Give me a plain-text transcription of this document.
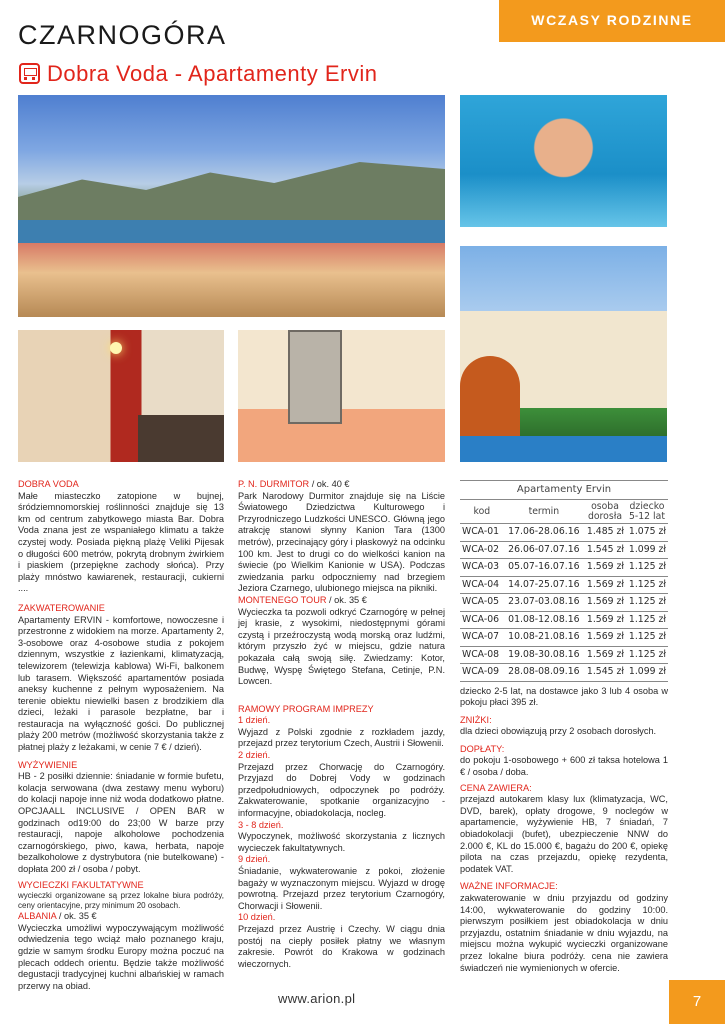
CZARNOGÓRA	WCZASY RODZINNE
Dobra Voda - Apartamenty Ervin

DOBRA VODA

Małe miasteczko zatopione w bujnej, śródziemnomorskiej roślinności znajduje się 13 km od centrum zabytkowego miasta Bar. Dobra Voda znana jest ze wspaniałego klimatu a także czystej wody. Posiada piękną plażę Veliki Pijesak o długości 600 metrów, pokrytą drobnym żwirkiem i piaskiem (przepiękne zachody słońca). Przy plaży mnóstwo kawiarenek, restauracji, cukierni ....

ZAKWATEROWANIE

Apartamenty ERVIN - komfortowe, nowoczesne i przestronne z widokiem na morze. Apartamenty 2, 3-osobowe oraz 4-osobowe studia z pokojem dziennym, wszystkie z łazienkami, klimatyzacją, telewizorem (telewizja kablowa) Wi-Fi, balkonem lub tarasem. Większość apartamentów posiada aneksy kuchenne z pełnym wyposażeniem. Na terenie obiektu niewielki basen z brodzikiem dla dzieci, leżaki i parasole bezpłatne, bar i restauracja na wyłączność gości. Do publicznej plaży 200 metrów (możliwość skorzystania także z płatnej plaży z leżakami, w cenie 7 € / dzień).

WYŻYWIENIE

HB - 2 posiłki dziennie: śniadanie w formie bufetu, kolacja serwowana (dwa zestawy menu wyboru) do kolacji napoje inne niż woda dodatkowo płatne. OPCJAALL INCLUSIVE / OPEN BAR w godzinach od19:00 do 23;00 W barze przy restauracji, napoje alkoholowe pochodzenia czarnogórskiego, piwo, kawa, herbata, napoje bezalkoholowe z dystrybutora (nie butelkowane) - dopłata 200 zł / osoba / pobyt.

WYCIECZKI FAKULTATYWNE

wycieczki organizowane są przez lokalne biura podróży, ceny orientacyjne, przy minimum 20 osobach.

ALBANIA / ok. 35 €

Wycieczka umożliwi wypoczywającym możliwość odwiedzenia tego wciąż mało poznanego kraju, gdzie w samym środku Europy można poczuć na plecach oddech orientu. Będzie także możliwość degustacji tradycyjnej kuchni albańskiej w ramach przerwy na obiad.

P. N. DURMITOR / ok. 40 €

Park Narodowy Durmitor znajduje się na Liście Światowego Dziedzictwa Kulturowego i Przyrodniczego Ludzkości UNESCO. Główną jego atrakcję stanowi słynny Kanion Tara (1300 metrów), przecinający góry i płaskowyż na odcinku 100 km. Jest to drugi co do wielkości kanion na świecie (po Wielkim Kanionie w USA). Podczas zwiedzania parku odpoczniemy nad brzegiem Jeziora Czarnego, ulubionego miejsca na pikniki.

MONTENEGO TOUR / ok. 35 €

Wycieczka ta pozwoli odkryć Czarnogórę w pełnej jej krasie, z wysokimi, niedostępnymi górami czystą i przeźroczystą wodą morską oraz ludźmi, którym przyszło żyć w miejscu, gdzie natura pokazała całą swoją siłę. Zwiedzamy: Kotor, Budwę, Wyspę Świętego Stefana, Cetinje, P.N. Lowcen.

RAMOWY PROGRAM IMPREZY

1 dzień.

Wyjazd z Polski zgodnie z rozkładem jazdy, przejazd przez terytorium Czech, Austrii i Słowenii.

2 dzień.

Przejazd przez Chorwację do Czarnogóry. Przyjazd do Dobrej Vody w godzinach przedpołudniowych, odpoczynek po podróży. Zakwaterowanie, spotkanie organizacyjno - informacyjne, obiadokolacja, nocleg.

3 - 8 dzień.

Wypoczynek, możliwość skorzystania z licznych wycieczek fakultatywnych.

9 dzień.

Śniadanie, wykwaterowanie z pokoi, złożenie bagaży w wyznaczonym miejscu. Wyjazd w drogę powrotną. Przejazd przez terytorium Czarnogóry, Chorwacji i Słowenii.

10 dzień.

Przejazd przez Austrię i Czechy. W ciągu dnia postój na ciepły posiłek płatny we własnym zakresie. Powrót do Krakowa w godzinach wieczornych.

Apartamenty Ervin			
kod	termin	osoba dorosła	dziecko 5-12 lat
WCA-01	17.06-28.06.16	1.485 zł	1.075 zł
WCA-02	26.06-07.07.16	1.545 zł	1.099 zł
WCA-03	05.07-16.07.16	1.569 zł	1.125 zł
WCA-04	14.07-25.07.16	1.569 zł	1.125 zł
WCA-05	23.07-03.08.16	1.569 zł	1.125 zł
WCA-06	01.08-12.08.16	1.569 zł	1.125 zł
WCA-07	10.08-21.08.16	1.569 zł	1.125 zł
WCA-08	19.08-30.08.16	1.569 zł	1.125 zł
WCA-09	28.08-08.09.16	1.545 zł	1.099 zł

dziecko 2-5 lat, na dostawce jako 3 lub 4 osoba w pokoju płaci 395 zł.

ZNIŻKI:

dla dzieci obowiązują przy 2 osobach dorosłych.

DOPŁATY:

do pokoju 1-osobowego + 600 zł taksa hotelowa 1 € / osoba / doba.

CENA ZAWIERA:

przejazd autokarem klasy lux (klimatyzacja, WC, DVD, barek), opłaty drogowe, 9 noclegów w apartamencie, wyżywienie HB, 7 śniadań, 7 obiadokolacji (bufet), ubezpieczenie NNW do 2.000 €, KL do 15.000 €, bagażu do 200 €, opiekę pilota na czas przejazdu, opiekę rezydenta, podatek VAT.

WAŻNE INFORMACJE:

zakwaterowanie w dniu przyjazdu od godziny 14:00, wykwaterowanie do godziny 10:00. pierwszym posiłkiem jest obiadokolacja w dniu przyjazdu, ostatnim śniadanie w dniu wyjazdu, na miejscu można wykupić wycieczki organizowane przez lokalne biura podróży. cena nie zawiera świadczeń nie wymienionych w ofercie.

www.arion.pl	7
